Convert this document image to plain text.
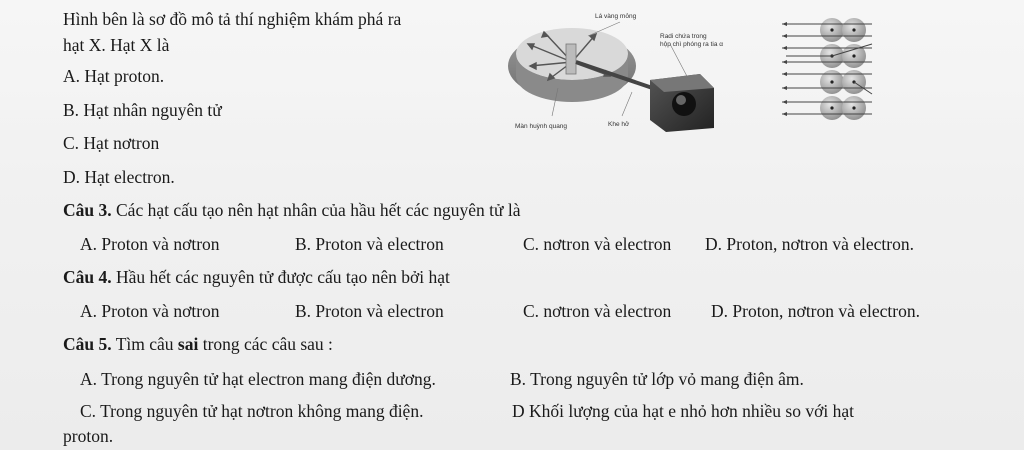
Hình bên là sơ đồ mô tả thí nghiệm khám phá ra
hạt X. Hạt X là
A. Hạt proton.
B. Hạt nhân nguyên tử
C. Hạt nơtron
D. Hạt electron.
Lá vàng mỏng
Radi chứa trong
hộp chì phóng ra tia α
Màn huỳnh quang	Khe hở
Câu 3. Các hạt cấu tạo nên hạt nhân của hầu hết các nguyên tử là
A. Proton và nơtron	B. Proton và electron	C. nơtron và electron D. Proton, nơtron và electron.
Câu 4. Hầu hết các nguyên tử được cấu tạo nên bởi hạt
A. Proton và nơtron	B. Proton và electron	C. nơtron và electron D. Proton, nơtron và electron.
Câu 5. Tìm câu sai trong các câu sau :
A. Trong nguyên tử hạt electron mang điện dương.	B. Trong nguyên tử lớp vỏ mang điện âm.
C. Trong nguyên tử hạt nơtron không mang điện.	D Khối lượng của hạt e nhỏ hơn nhiều so với hạt
proton.
